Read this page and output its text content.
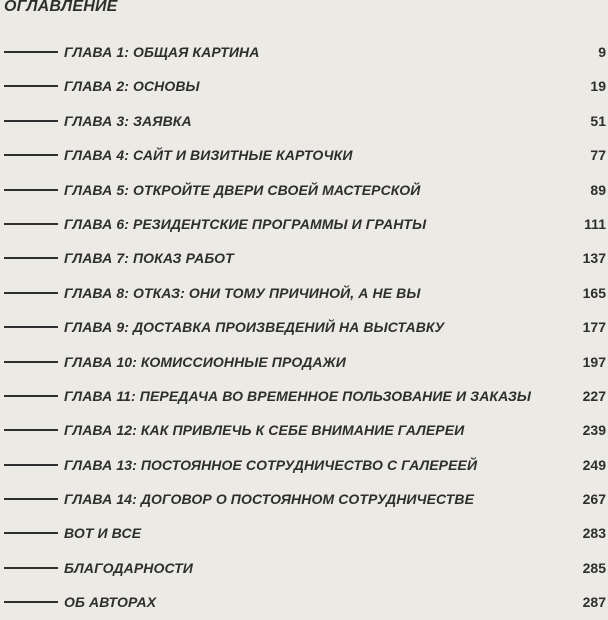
ОГЛАВЛЕНИЕ
ГЛАВА 1: ОБЩАЯ КАРТИНА	9
ГЛАВА 2: ОСНОВЫ	19
ГЛАВА 3: ЗАЯВКА	51
ГЛАВА 4: САЙТ И ВИЗИТНЫЕ КАРТОЧКИ	77
ГЛАВА 5: ОТКРОЙТЕ ДВЕРИ СВОЕЙ МАСТЕРСКОЙ	89
ГЛАВА 6: РЕЗИДЕНТСКИЕ ПРОГРАММЫ И ГРАНТЫ	111
ГЛАВА 7: ПОКАЗ РАБОТ	137
ГЛАВА 8: ОТКАЗ: ОНИ ТОМУ ПРИЧИНОЙ, А НЕ ВЫ	165
ГЛАВА 9: ДОСТАВКА ПРОИЗВЕДЕНИЙ НА ВЫСТАВКУ	177
ГЛАВА 10: КОМИССИОННЫЕ ПРОДАЖИ	197
ГЛАВА 11: ПЕРЕДАЧА ВО ВРЕМЕННОЕ ПОЛЬЗОВАНИЕ И ЗАКАЗЫ	227
ГЛАВА 12: КАК ПРИВЛЕЧЬ К СЕБЕ ВНИМАНИЕ ГАЛЕРЕИ	239
ГЛАВА 13: ПОСТОЯННОЕ СОТРУДНИЧЕСТВО С ГАЛЕРЕЕЙ	249
ГЛАВА 14: ДОГОВОР О ПОСТОЯННОМ СОТРУДНИЧЕСТВЕ	267
ВОТ И ВСЕ	283
БЛАГОДАРНОСТИ	285
ОБ АВТОРАХ	287
